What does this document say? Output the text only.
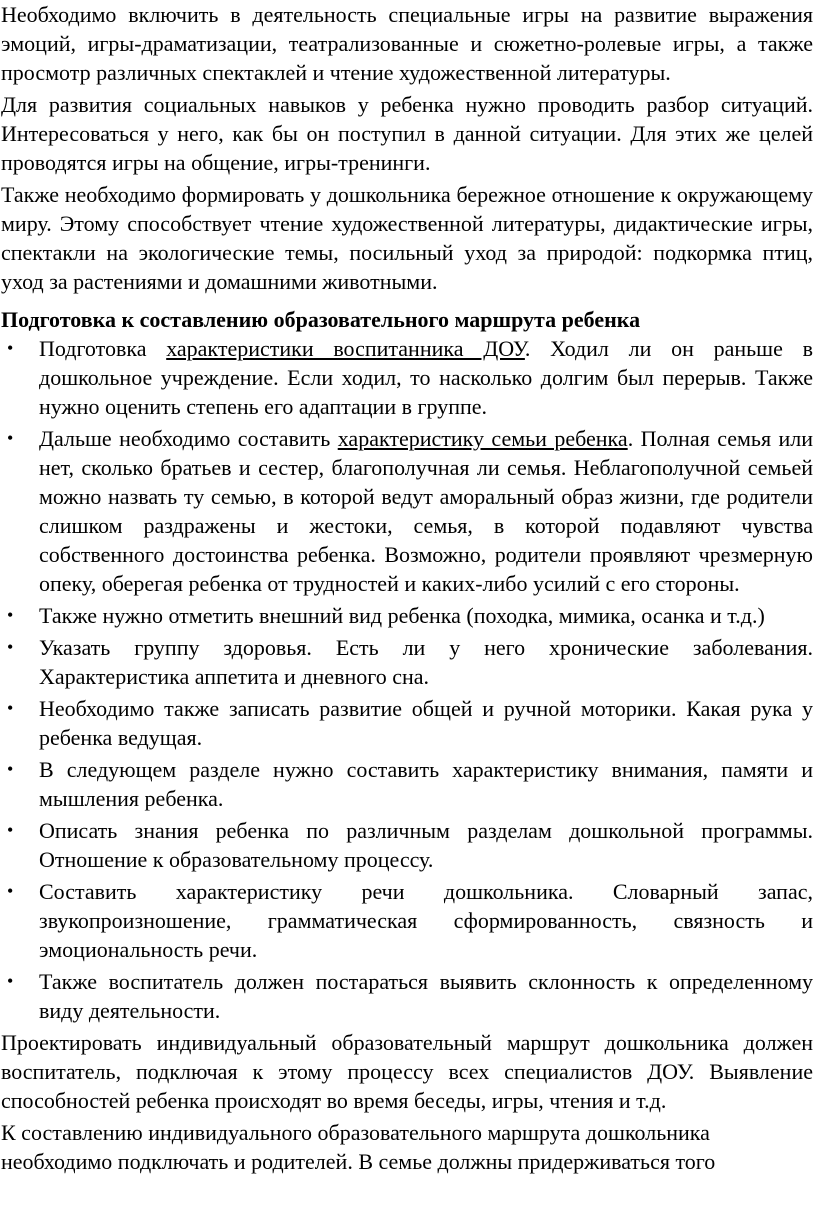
Необходимо включить в деятельность специальные игры на развитие выражения эмоций, игры-драматизации, театрализованные и сюжетно-ролевые игры, а также просмотр различных спектаклей и чтение художественной литературы.

Для развития социальных навыков у ребенка нужно проводить разбор ситуаций. Интересоваться у него, как бы он поступил в данной ситуации. Для этих же целей проводятся игры на общение, игры-тренинги.

Также необходимо формировать у дошкольника бережное отношение к окружающему миру. Этому способствует чтение художественной литературы, дидактические игры, спектакли на экологические темы, посильный уход за природой: подкормка птиц, уход за растениями и домашними животными.

Подготовка к составлению образовательного маршрута ребенка

• Подготовка характеристики воспитанника ДОУ. Ходил ли он раньше в дошкольное учреждение. Если ходил, то насколько долгим был перерыв. Также нужно оценить степень его адаптации в группе.
• Дальше необходимо составить характеристику семьи ребенка. Полная семья или нет, сколько братьев и сестер, благополучная ли семья. Неблагополучной семьей можно назвать ту семью, в которой ведут аморальный образ жизни, где родители слишком раздражены и жестоки, семья, в которой подавляют чувства собственного достоинства ребенка. Возможно, родители проявляют чрезмерную опеку, оберегая ребенка от трудностей и каких-либо усилий с его стороны.
• Также нужно отметить внешний вид ребенка (походка, мимика, осанка и т.д.)
• Указать группу здоровья. Есть ли у него хронические заболевания. Характеристика аппетита и дневного сна.
• Необходимо также записать развитие общей и ручной моторики. Какая рука у ребенка ведущая.
• В следующем разделе нужно составить характеристику внимания, памяти и мышления ребенка.
• Описать знания ребенка по различным разделам дошкольной программы. Отношение к образовательному процессу.
• Составить характеристику речи дошкольника. Словарный запас, звукопроизношение, грамматическая сформированность, связность и эмоциональность речи.
• Также воспитатель должен постараться выявить склонность к определенному виду деятельности.

Проектировать индивидуальный образовательный маршрут дошкольника должен воспитатель, подключая к этому процессу всех специалистов ДОУ. Выявление способностей ребенка происходят во время беседы, игры, чтения и т.д.

К составлению индивидуального образовательного маршрута дошкольника необходимо подключать и родителей. В семье должны придерживаться того
